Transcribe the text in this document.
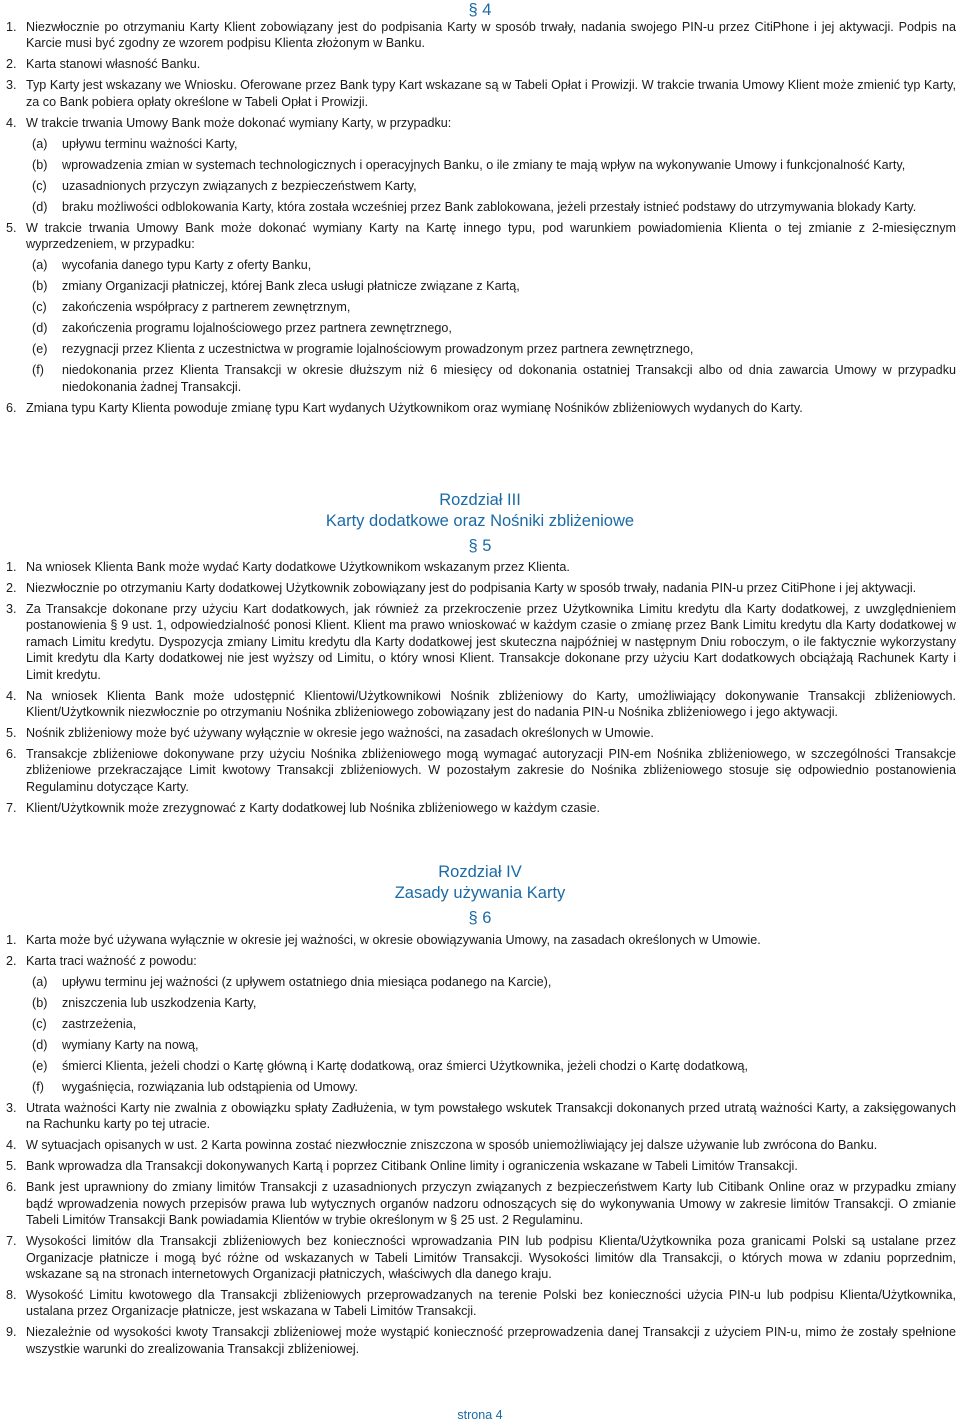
§ 4
1. Niezwłocznie po otrzymaniu Karty Klient zobowiązany jest do podpisania Karty w sposób trwały, nadania swojego PIN-u przez CitiPhone i jej aktywacji. Podpis na Karcie musi być zgodny ze wzorem podpisu Klienta złożonym w Banku.
2. Karta stanowi własność Banku.
3. Typ Karty jest wskazany we Wniosku. Oferowane przez Bank typy Kart wskazane są w Tabeli Opłat i Prowizji. W trakcie trwania Umowy Klient może zmienić typ Karty, za co Bank pobiera opłaty określone w Tabeli Opłat i Prowizji.
4. W trakcie trwania Umowy Bank może dokonać wymiany Karty, w przypadku:
(a)	upływu terminu ważności Karty,
(b)	wprowadzenia zmian w systemach technologicznych i operacyjnych Banku, o ile zmiany te mają wpływ na wykonywanie Umowy i funkcjonalność Karty,
(c)	uzasadnionych przyczyn związanych z bezpieczeństwem Karty,
(d)	braku możliwości odblokowania Karty, która została wcześniej przez Bank zablokowana, jeżeli przestały istnieć podstawy do utrzymywania blokady Karty.
5. W trakcie trwania Umowy Bank może dokonać wymiany Karty na Kartę innego typu, pod warunkiem powiadomienia Klienta o tej zmianie z 2-miesięcznym wyprzedzeniem, w przypadku:
(a)	wycofania danego typu Karty z oferty Banku,
(b)	zmiany Organizacji płatniczej, której Bank zleca usługi płatnicze związane z Kartą,
(c)	zakończenia współpracy z partnerem zewnętrznym,
(d)	zakończenia programu lojalnościowego przez partnera zewnętrznego,
(e)	rezygnacji przez Klienta z uczestnictwa w programie lojalnościowym prowadzonym przez partnera zewnętrznego,
(f)	niedokonania przez Klienta Transakcji w okresie dłuższym niż 6 miesięcy od dokonania ostatniej Transakcji albo od dnia zawarcia Umowy w przypadku niedokonania żadnej Transakcji.
6. Zmiana typu Karty Klienta powoduje zmianę typu Kart wydanych Użytkownikom oraz wymianę Nośników zbliżeniowych wydanych do Karty.
Rozdział III
Karty dodatkowe oraz Nośniki zbliżeniowe
§ 5
1. Na wniosek Klienta Bank może wydać Karty dodatkowe Użytkownikom wskazanym przez Klienta.
2. Niezwłocznie po otrzymaniu Karty dodatkowej Użytkownik zobowiązany jest do podpisania Karty w sposób trwały, nadania PIN-u przez CitiPhone i jej aktywacji.
3. Za Transakcje dokonane przy użyciu Kart dodatkowych, jak również za przekroczenie przez Użytkownika Limitu kredytu dla Karty dodatkowej, z uwzględnieniem postanowienia § 9 ust. 1, odpowiedzialność ponosi Klient. Klient ma prawo wnioskować w każdym czasie o zmianę przez Bank Limitu kredytu dla Karty dodatkowej w ramach Limitu kredytu. Dyspozycja zmiany Limitu kredytu dla Karty dodatkowej jest skuteczna najpóźniej w następnym Dniu roboczym, o ile faktycznie wykorzystany Limit kredytu dla Karty dodatkowej nie jest wyższy od Limitu, o który wnosi Klient. Transakcje dokonane przy użyciu Kart dodatkowych obciążają Rachunek Karty i Limit kredytu.
4. Na wniosek Klienta Bank może udostępnić Klientowi/Użytkownikowi Nośnik zbliżeniowy do Karty, umożliwiający dokonywanie Transakcji zbliżeniowych. Klient/Użytkownik niezwłocznie po otrzymaniu Nośnika zbliżeniowego zobowiązany jest do nadania PIN-u Nośnika zbliżeniowego i jego aktywacji.
5. Nośnik zbliżeniowy może być używany wyłącznie w okresie jego ważności, na zasadach określonych w Umowie.
6. Transakcje zbliżeniowe dokonywane przy użyciu Nośnika zbliżeniowego mogą wymagać autoryzacji PIN-em Nośnika zbliżeniowego, w szczególności Transakcje zbliżeniowe przekraczające Limit kwotowy Transakcji zbliżeniowych. W pozostałym zakresie do Nośnika zbliżeniowego stosuje się odpowiednio postanowienia Regulaminu dotyczące Karty.
7. Klient/Użytkownik może zrezygnować z Karty dodatkowej lub Nośnika zbliżeniowego w każdym czasie.
Rozdział IV
Zasady używania Karty
§ 6
1. Karta może być używana wyłącznie w okresie jej ważności, w okresie obowiązywania Umowy, na zasadach określonych w Umowie.
2. Karta traci ważność z powodu:
(a)	upływu terminu jej ważności (z upływem ostatniego dnia miesiąca podanego na Karcie),
(b)	zniszczenia lub uszkodzenia Karty,
(c)	zastrzeżenia,
(d)	wymiany Karty na nową,
(e)	śmierci Klienta, jeżeli chodzi o Kartę główną i Kartę dodatkową, oraz śmierci Użytkownika, jeżeli chodzi o Kartę dodatkową,
(f)	wygaśnięcia, rozwiązania lub odstąpienia od Umowy.
3. Utrata ważności Karty nie zwalnia z obowiązku spłaty Zadłużenia, w tym powstałego wskutek Transakcji dokonanych przed utratą ważności Karty, a zaksięgowanych na Rachunku karty po tej utracie.
4. W sytuacjach opisanych w ust. 2 Karta powinna zostać niezwłocznie zniszczona w sposób uniemożliwiający jej dalsze używanie lub zwrócona do Banku.
5. Bank wprowadza dla Transakcji dokonywanych Kartą i poprzez Citibank Online limity i ograniczenia wskazane w Tabeli Limitów Transakcji.
6. Bank jest uprawniony do zmiany limitów Transakcji z uzasadnionych przyczyn związanych z bezpieczeństwem Karty lub Citibank Online oraz w przypadku zmiany bądź wprowadzenia nowych przepisów prawa lub wytycznych organów nadzoru odnoszących się do wykonywania Umowy w zakresie limitów Transakcji. O zmianie Tabeli Limitów Transakcji Bank powiadamia Klientów w trybie określonym w § 25 ust. 2 Regulaminu.
7. Wysokości limitów dla Transakcji zbliżeniowych bez konieczności wprowadzania PIN lub podpisu Klienta/Użytkownika poza granicami Polski są ustalane przez Organizacje płatnicze i mogą być różne od wskazanych w Tabeli Limitów Transakcji. Wysokości limitów dla Transakcji, o których mowa w zdaniu poprzednim, wskazane są na stronach internetowych Organizacji płatniczych, właściwych dla danego kraju.
8. Wysokość Limitu kwotowego dla Transakcji zbliżeniowych przeprowadzanych na terenie Polski bez konieczności użycia PIN-u lub podpisu Klienta/Użytkownika, ustalana przez Organizacje płatnicze, jest wskazana w Tabeli Limitów Transakcji.
9. Niezależnie od wysokości kwoty Transakcji zbliżeniowej może wystąpić konieczność przeprowadzenia danej Transakcji z użyciem PIN-u, mimo że zostały spełnione wszystkie warunki do zrealizowania Transakcji zbliżeniowej.
strona 4
